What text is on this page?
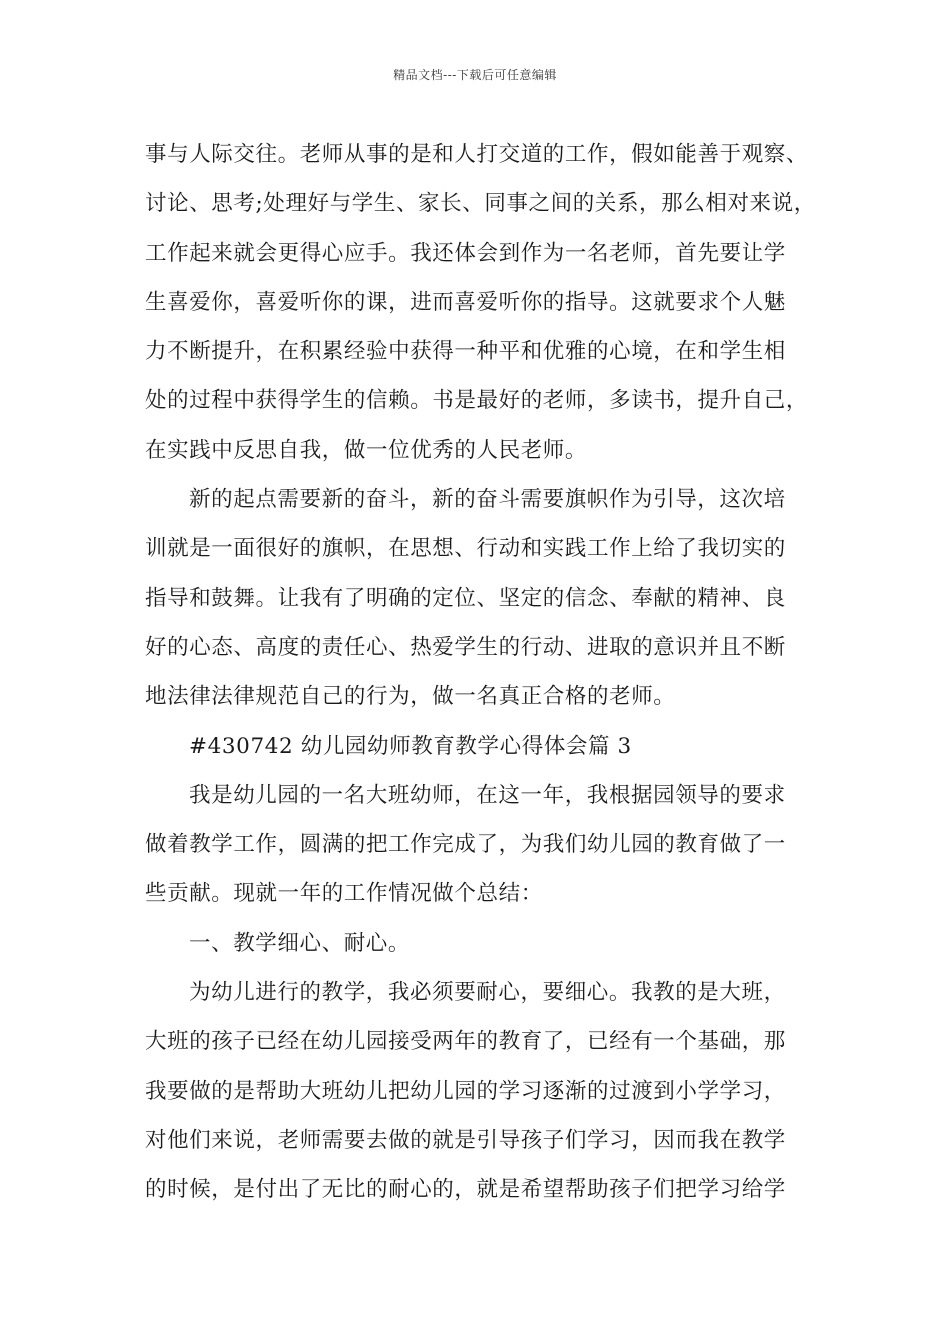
精品文档---下载后可任意编辑
事与人际交往。老师从事的是和人打交道的工作，假如能善于观察、
讨论、思考;处理好与学生、家长、同事之间的关系，那么相对来说，
工作起来就会更得心应手。我还体会到作为一名老师，首先要让学
生喜爱你，喜爱听你的课，进而喜爱听你的指导。这就要求个人魅
力不断提升，在积累经验中获得一种平和优雅的心境，在和学生相
处的过程中获得学生的信赖。书是最好的老师，多读书，提升自己，
在实践中反思自我，做一位优秀的人民老师。
新的起点需要新的奋斗，新的奋斗需要旗帜作为引导，这次培
训就是一面很好的旗帜，在思想、行动和实践工作上给了我切实的
指导和鼓舞。让我有了明确的定位、坚定的信念、奉献的精神、良
好的心态、高度的责任心、热爱学生的行动、进取的意识并且不断
地法律法律规范自己的行为，做一名真正合格的老师。
#430742 幼儿园幼师教育教学心得体会篇 3
我是幼儿园的一名大班幼师，在这一年，我根据园领导的要求
做着教学工作，圆满的把工作完成了，为我们幼儿园的教育做了一
些贡献。现就一年的工作情况做个总结：
一、教学细心、耐心。
为幼儿进行的教学，我必须要耐心，要细心。我教的是大班，
大班的孩子已经在幼儿园接受两年的教育了，已经有一个基础，那
我要做的是帮助大班幼儿把幼儿园的学习逐渐的过渡到小学学习，
对他们来说，老师需要去做的就是引导孩子们学习，因而我在教学
的时候，是付出了无比的耐心的，就是希望帮助孩子们把学习给学
